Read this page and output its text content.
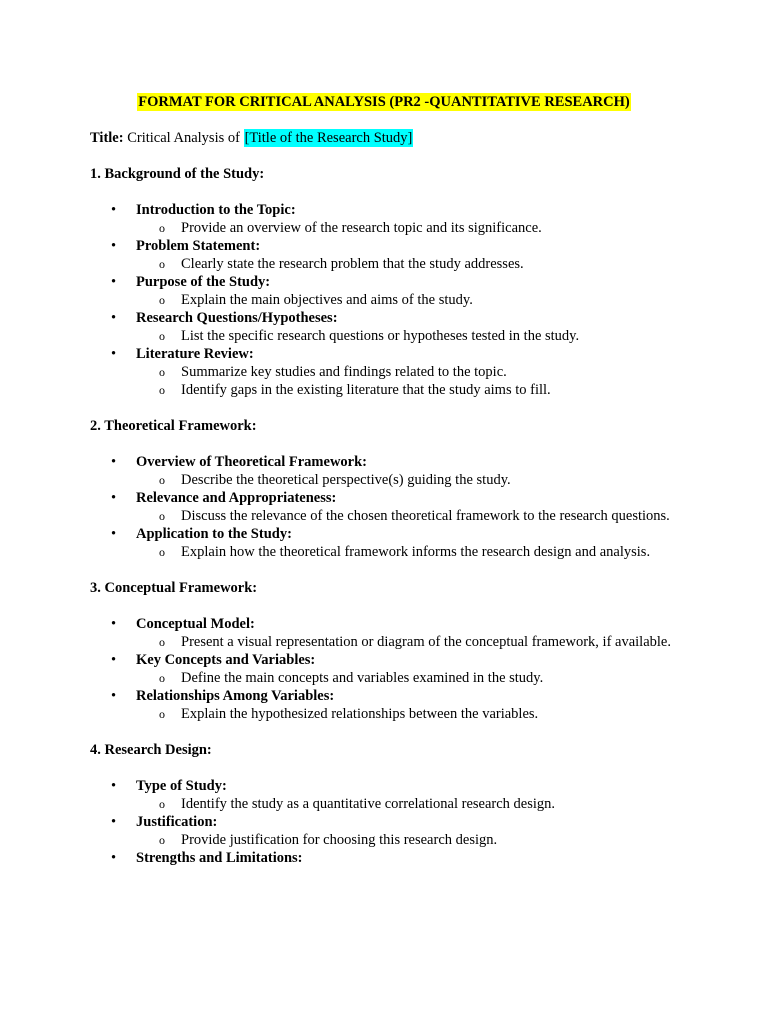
FORMAT FOR CRITICAL ANALYSIS (PR2 -QUANTITATIVE RESEARCH)
Title: Critical Analysis of [Title of the Research Study]
1. Background of the Study:
• Introduction to the Topic:
o Provide an overview of the research topic and its significance.
• Problem Statement:
o Clearly state the research problem that the study addresses.
• Purpose of the Study:
o Explain the main objectives and aims of the study.
• Research Questions/Hypotheses:
o List the specific research questions or hypotheses tested in the study.
• Literature Review:
o Summarize key studies and findings related to the topic.
o Identify gaps in the existing literature that the study aims to fill.
2. Theoretical Framework:
• Overview of Theoretical Framework:
o Describe the theoretical perspective(s) guiding the study.
• Relevance and Appropriateness:
o Discuss the relevance of the chosen theoretical framework to the research questions.
• Application to the Study:
o Explain how the theoretical framework informs the research design and analysis.
3. Conceptual Framework:
• Conceptual Model:
o Present a visual representation or diagram of the conceptual framework, if available.
• Key Concepts and Variables:
o Define the main concepts and variables examined in the study.
• Relationships Among Variables:
o Explain the hypothesized relationships between the variables.
4. Research Design:
• Type of Study:
o Identify the study as a quantitative correlational research design.
• Justification:
o Provide justification for choosing this research design.
• Strengths and Limitations:
